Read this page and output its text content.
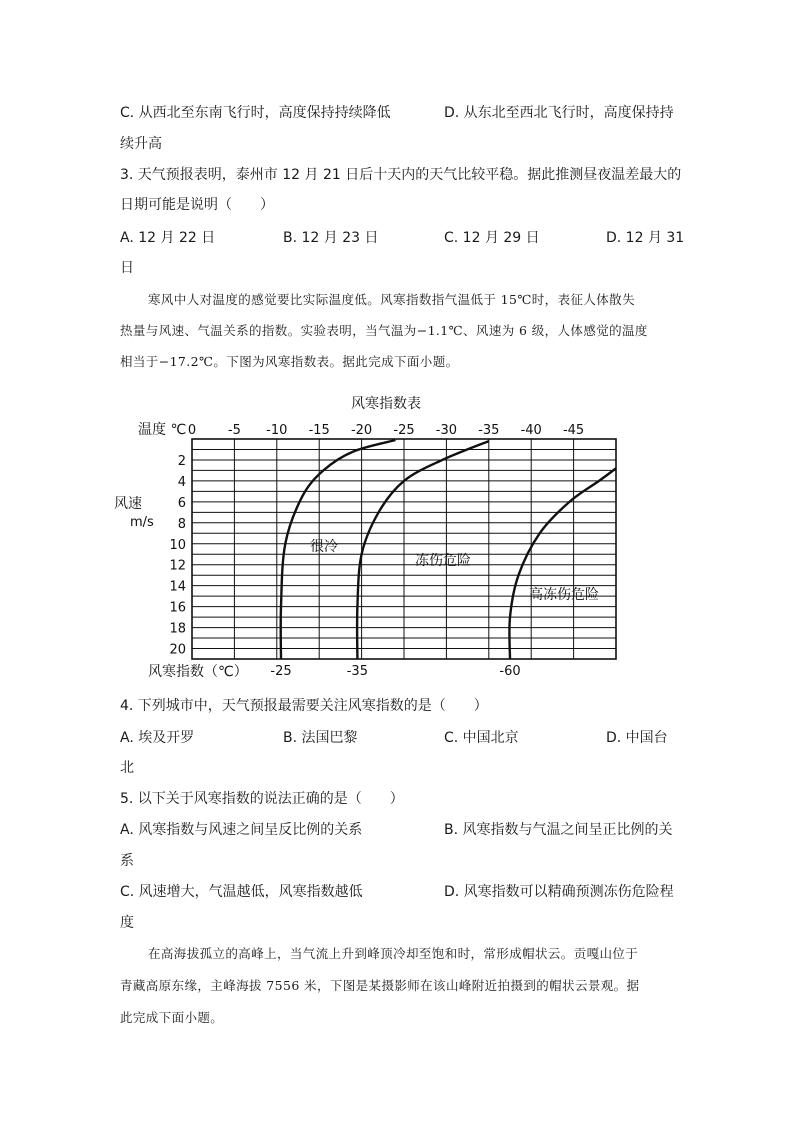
C. 从西北至东南飞行时，高度保持持续降低	D. 从东北至西北飞行时，高度保持持
续升高
3. 天气预报表明，泰州市 12 月 21 日后十天内的天气比较平稳。据此推测昼夜温差最大的
日期可能是说明（　　）
A. 12 月 22 日	B. 12 月 23 日	C. 12 月 29 日	D. 12 月 31
日
寒风中人对温度的感觉要比实际温度低。风寒指数指气温低于 15℃时，表征人体散失
热量与风速、气温关系的指数。实验表明，当气温为−1.1℃、风速为 6 级，人体感觉的温度
相当于−17.2℃。下图为风寒指数表。据此完成下面小题。
风寒指数表
温度 ℃ 0 -5 -10 -15 -20 -25 -30 -35 -40 -45
风速
m/s
2
4
6
8
10
12
14
16
18
20
很冷
冻伤危险
高冻伤危险
风寒指数（℃） -25	-35	-60
4. 下列城市中，天气预报最需要关注风寒指数的是（　　）
A. 埃及开罗	B. 法国巴黎	C. 中国北京	D. 中国台
北
5. 以下关于风寒指数的说法正确的是（　　）
A. 风寒指数与风速之间呈反比例的关系	B. 风寒指数与气温之间呈正比例的关
系
C. 风速增大，气温越低，风寒指数越低	D. 风寒指数可以精确预测冻伤危险程
度
在高海拔孤立的高峰上，当气流上升到峰顶冷却至饱和时，常形成帽状云。贡嘎山位于
青藏高原东缘，主峰海拔 7556 米，下图是某摄影师在该山峰附近拍摄到的帽状云景观。据
此完成下面小题。
